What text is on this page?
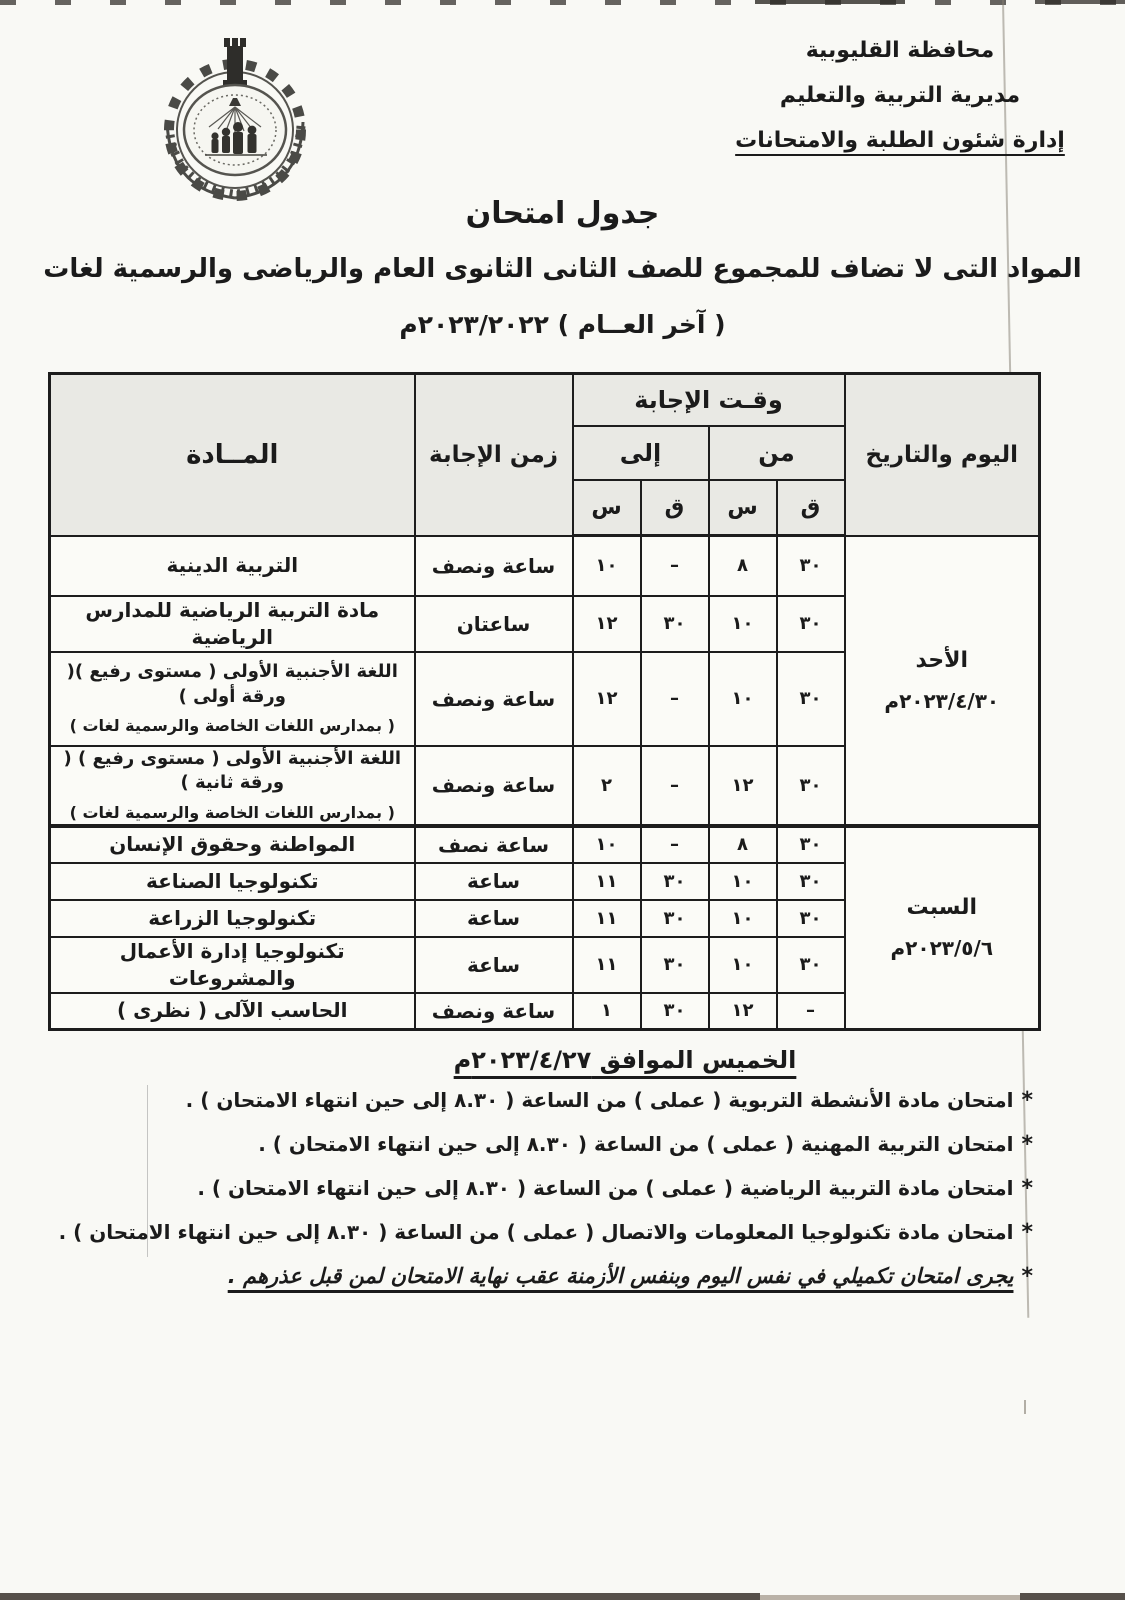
محافظة القليوبية
مديرية التربية والتعليم
إدارة شئون الطلبة والامتحانات
جدول امتحان
المواد التى لا تضاف للمجموع للصف الثانى الثانوى العام والرياضى والرسمية لغات
( آخر العــام ) ٢٠٢٣/٢٠٢٢م
اليوم والتاريخ	وقـت الإجابة				زمن الإجابة	المــادة
	من		إلى			
	ق	س	ق	س		

الأحد
٢٠٢٣/٤/٣٠م	٣٠	٨	–	١٠	ساعة ونصف	التربية الدينية
	٣٠	١٠	٣٠	١٢	ساعتان	مادة التربية الرياضية للمدارس الرياضية
	٣٠	١٠	–	١٢	ساعة ونصف	اللغة الأجنبية الأولى ( مستوى رفيع )( ورقة أولى )
( بمدارس اللغات الخاصة والرسمية لغات )

	٣٠	١٢	–	٢	ساعة ونصف	اللغة الأجنبية الأولى ( مستوى رفيع ) ( ورقة ثانية )
( بمدارس اللغات الخاصة والرسمية لغات )

السبت
٢٠٢٣/٥/٦م	٣٠	٨	–	١٠	ساعة نصف	المواطنة وحقوق الإنسان
	٣٠	١٠	٣٠	١١	ساعة	تكنولوجيا الصناعة
	٣٠	١٠	٣٠	١١	ساعة	تكنولوجيا الزراعة
	٣٠	١٠	٣٠	١١	ساعة	تكنولوجيا إدارة الأعمال والمشروعات
	–	١٢	٣٠	١	ساعة ونصف	الحاسب الآلى ( نظرى )
الخميس الموافق ٢٠٢٣/٤/٢٧م
*امتحان مادة الأنشطة التربوية ( عملى ) من الساعة ( ٨.٣٠ إلى حين انتهاء الامتحان ) .
*امتحان التربية المهنية ( عملى ) من الساعة ( ٨.٣٠ إلى حين انتهاء الامتحان ) .
*امتحان مادة التربية الرياضية ( عملى ) من الساعة ( ٨.٣٠ إلى حين انتهاء الامتحان ) .
*امتحان مادة تكنولوجيا المعلومات والاتصال ( عملى ) من الساعة ( ٨.٣٠ إلى حين انتهاء الامتحان ) .
*يجرى امتحان تكميلي في نفس اليوم وبنفس الأزمنة عقب نهاية الامتحان لمن قبل عذرهم .
